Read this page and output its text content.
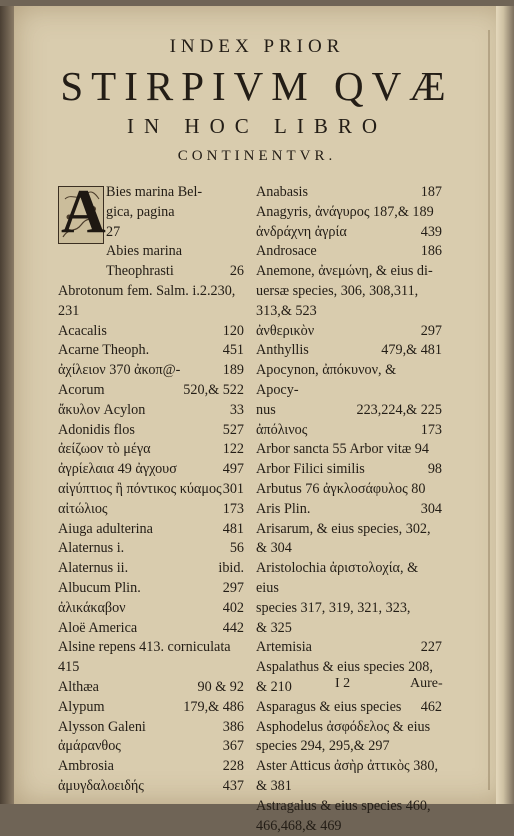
INDEX PRIOR
STIRPIVM QVÆ
IN HOC LIBRO
CONTINENTVR.
A Bies marina Bel-
gica, pagina
27
Abies marina
Theophrasti	26
Abrotonum fem. Salm. i.2.230,
231
Acacalis	120
Acarne Theoph.	451
ἀχίλειον 370 ἀκοπ@-	189
Acorum	520,& 522
ἄκυλον Acylon	33
Adonidis flos	527
ἀείζωον τὸ μέγα	122
ἀγρίελαια 49 ἀγχουσ	497
αἰγύπτιος ἢ πόντικος κύαμος 301
αἰτώλιος	173
Aiuga adulterina	481
Alaternus i.	56
Alaternus ii.	ibid.
Albucum Plin.	297
ἀλικάκαβον	402
Aloë America	442
Alsine repens 413. corniculata
415
Althæa	90 & 92
Alypum	179,& 486
Alysson Galeni	386
ἀμάρανθος	367
Ambrosia	228
ἀμυγδαλοειδής	437
Anabasis	187
Anagyris, ἀνάγυρος 187,& 189
ἀνδράχνη ἀγρία	439
Androsace	186
Anemone, ἀνεμώνη, & eius di-
uersæ species, 306, 308,311,
313,& 523
ἀνθερικὸν	297
Anthyllis	479,& 481
Apocynon, ἀπόκυνον, & Apocy-
nus	223,224,& 225
ἀπόλινος	173
Arbor sancta 55 Arbor vitæ 94
Arbor Filici similis	98
Arbutus 76 ἀγκλοσάφυλος 80
Aris Plin.	304
Arisarum, & eius species, 302,
& 304
Aristolochia ἀριστολοχία, & eius
species 317, 319, 321, 323,
& 325
Artemisia	227
Aspalathus & eius species 208,
& 210
Asparagus & eius species	462
Asphodelus ἀσφόδελος & eius
species 294, 295,& 297
Aster Atticus ἀσὴρ ἀττικὸς 380,
& 381
Astragalus & eius species 460,
466,468,& 469
I 2	Aure-
